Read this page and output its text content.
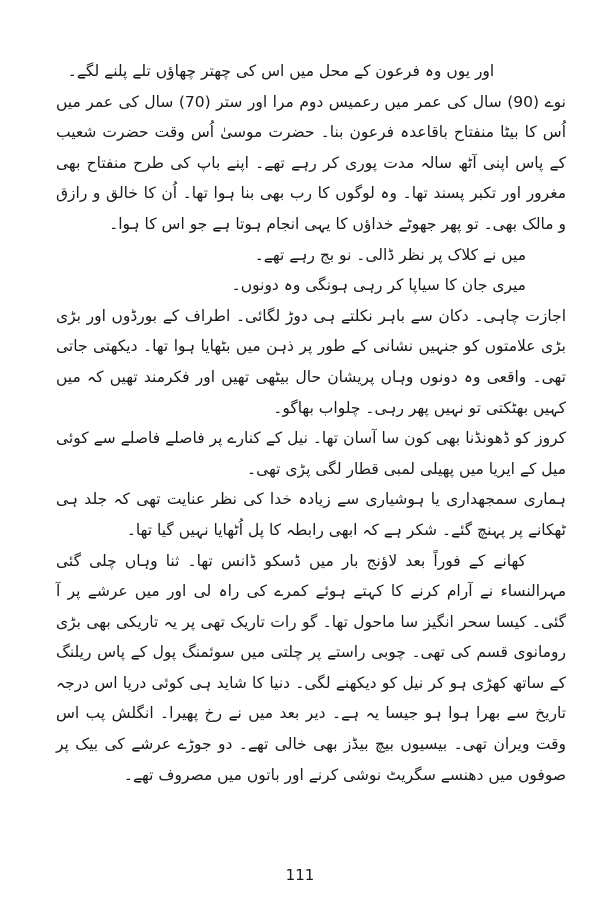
اور یوں وہ فرعون کے محل میں اس کی چھتر چھاؤں تلے پلنے لگے۔

نوے (90) سال کی عمر میں رعمیس دوم مرا اور ستر (70) سال کی عمر میں اُس کا بیٹا منفتاح باقاعدہ فرعون بنا۔ حضرت موسیٰ اُس وقت حضرت شعیب کے پاس اپنی آٹھ سالہ مدت پوری کر رہے تھے۔ اپنے باپ کی طرح منفتاح بھی مغرور اور تکبر پسند تھا۔ وہ لوگوں کا رب بھی بنا ہوا تھا۔ اُن کا خالق و رازق و مالک بھی۔ تو پھر جھوٹے خداؤں کا یہی انجام ہوتا ہے جو اس کا ہوا۔

میں نے کلاک پر نظر ڈالی۔ نو بج رہے تھے۔

میری جان کا سیاپا کر رہی ہونگی وہ دونوں۔

اجازت چاہی۔ دکان سے باہر نکلتے ہی دوڑ لگائی۔ اطراف کے بورڈوں اور بڑی بڑی علامتوں کو جنہیں نشانی کے طور پر ذہن میں بٹھایا ہوا تھا۔ دیکھتی جاتی تھی۔ واقعی وہ دونوں وہاں پریشان حال بیٹھی تھیں اور فکرمند تھیں کہ میں کہیں بھٹکتی تو نہیں پھر رہی۔ چلواب بھاگو۔

کروز کو ڈھونڈنا بھی کون سا آسان تھا۔ نیل کے کنارے پر فاصلے فاصلے سے کوئی میل کے ایریا میں پھیلی لمبی قطار لگی پڑی تھی۔

ہماری سمجھداری یا ہوشیاری سے زیادہ خدا کی نظر عنایت تھی کہ جلد ہی ٹھکانے پر پہنچ گئے۔ شکر ہے کہ ابھی رابطہ کا پل اُٹھایا نہیں گیا تھا۔

کھانے کے فوراً بعد لاؤنج بار میں ڈسکو ڈانس تھا۔ ثنا وہاں چلی گئی مہرالنساء نے آرام کرنے کا کہتے ہوئے کمرے کی راہ لی اور میں عرشے پر آ گئی۔ کیسا سحر انگیز سا ماحول تھا۔ گو رات تاریک تھی پر یہ تاریکی بھی بڑی رومانوی قسم کی تھی۔ چوبی راستے پر چلتی میں سوئمنگ پول کے پاس ریلنگ کے ساتھ کھڑی ہو کر نیل کو دیکھنے لگی۔ دنیا کا شاید ہی کوئی دریا اس درجہ تاریخ سے بھرا ہوا ہو جیسا یہ ہے۔ دیر بعد میں نے رخ پھیرا۔ انگلش پب اس وقت ویران تھی۔ بیسیوں بیچ بیڈز بھی خالی تھے۔ دو جوڑے عرشے کی بیک پر صوفوں میں دھنسے سگریٹ نوشی کرنے اور باتوں میں مصروف تھے۔

111
